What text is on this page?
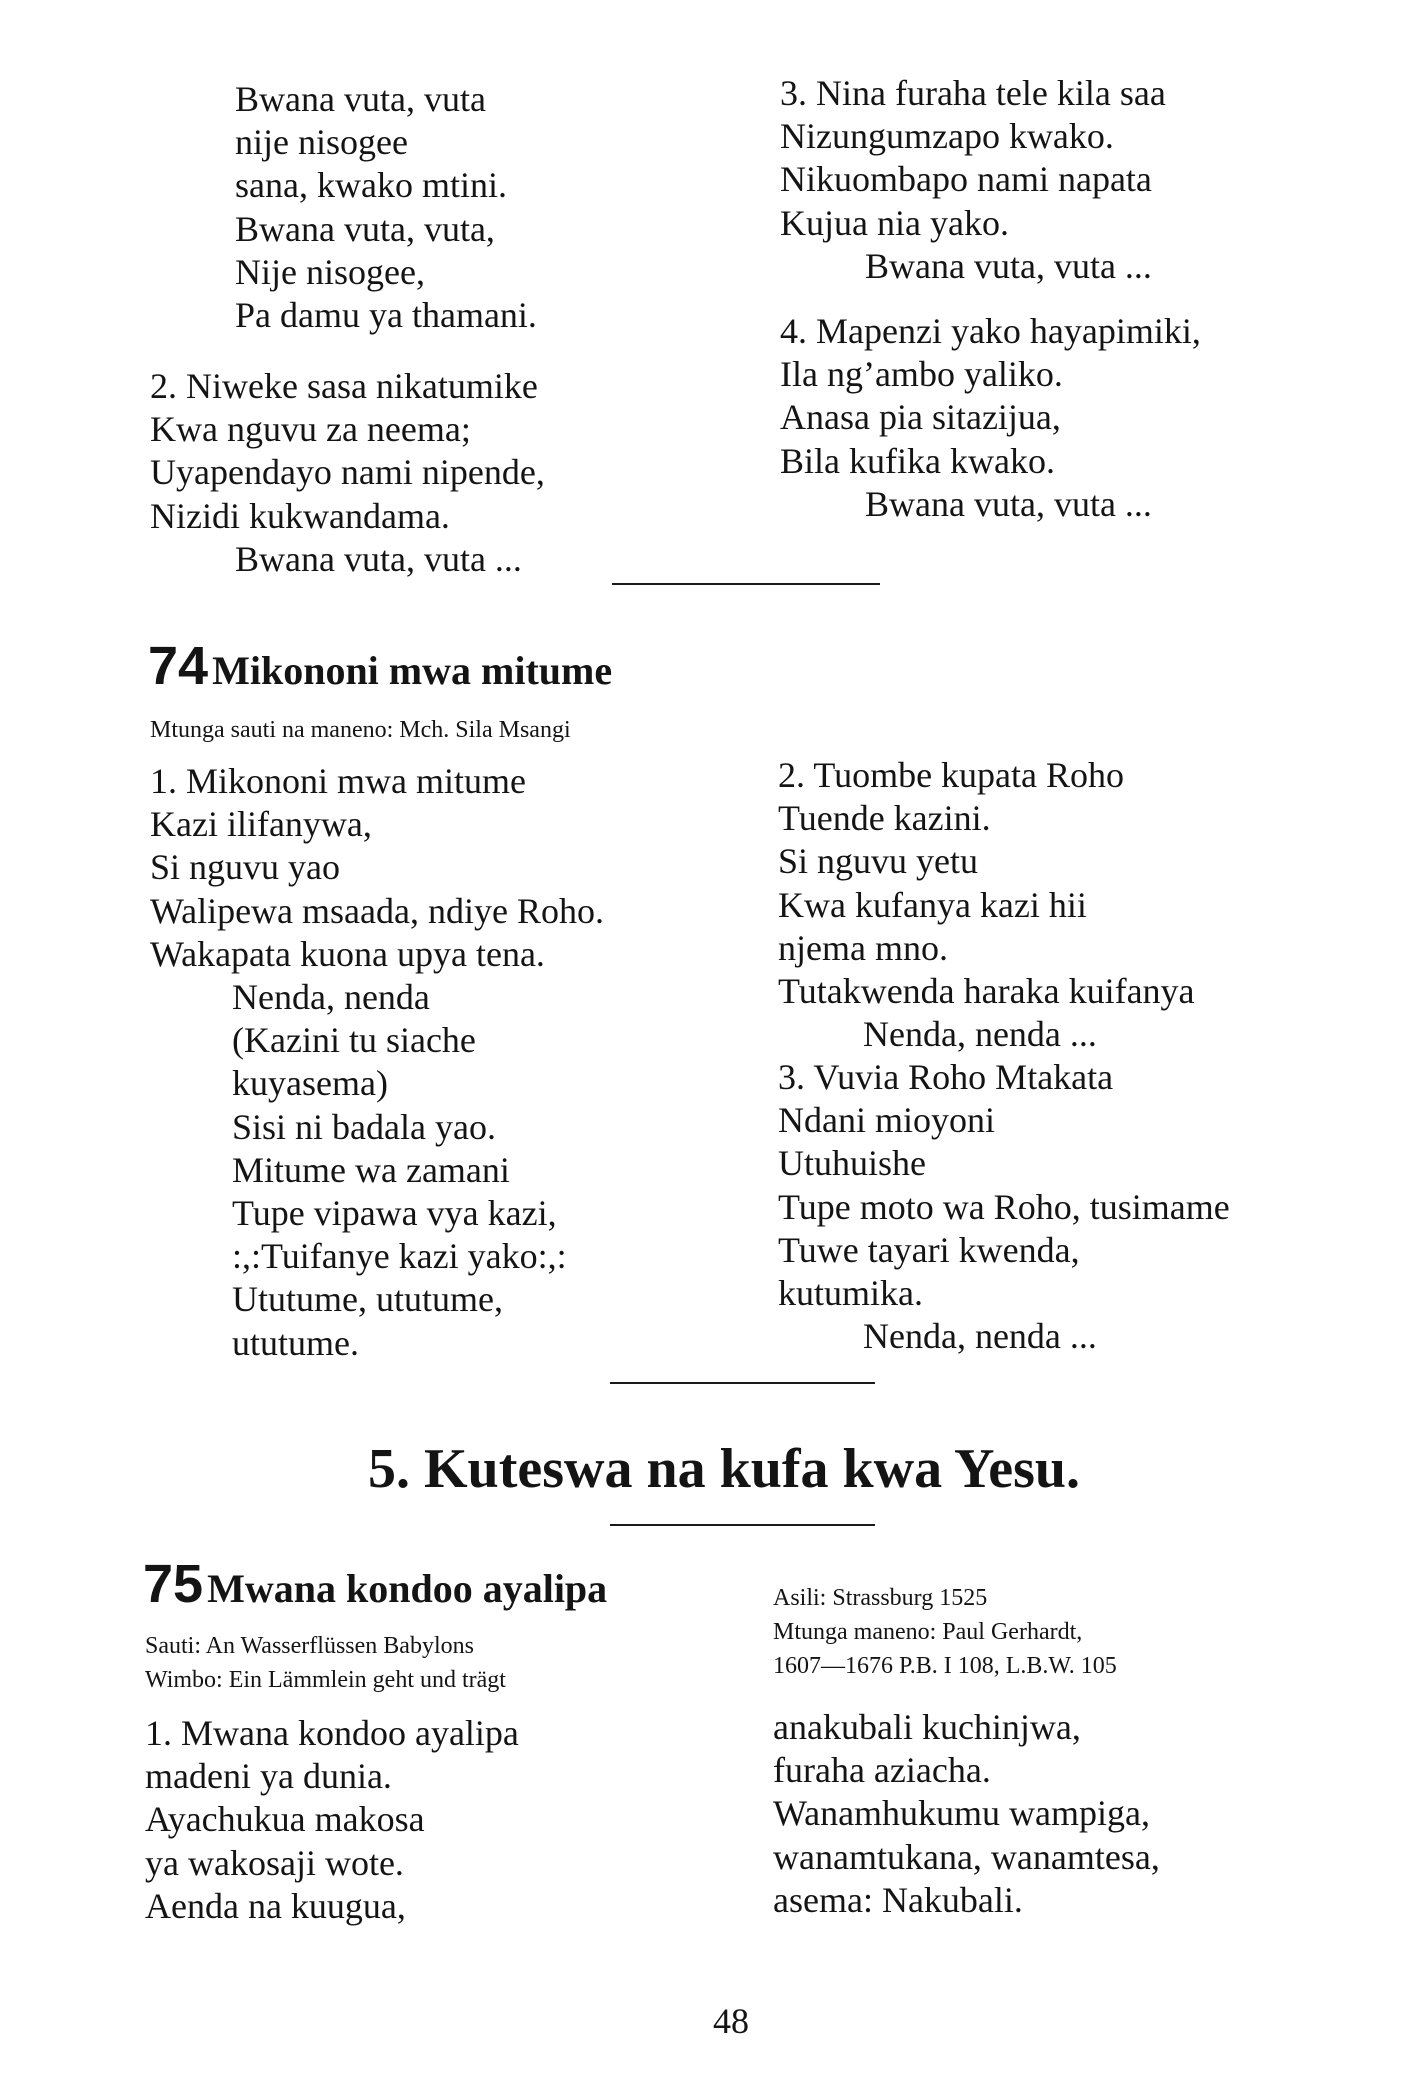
Bwana vuta, vuta
nije nisogee
sana, kwako mtini.
Bwana vuta, vuta,
Nije nisogee,
Pa damu ya thamani.
2. Niweke sasa nikatumike
Kwa nguvu za neema;
Uyapendayo nami nipende,
Nizidi kukwandama.
Bwana vuta, vuta ...
3. Nina furaha tele kila saa
Nizungumzapo kwako.
Nikuombapo nami napata
Kujua nia yako.
Bwana vuta, vuta ...
4. Mapenzi yako hayapimiki,
Ila ng’ambo yaliko.
Anasa pia sitazijua,
Bila kufika kwako.
Bwana vuta, vuta ...
74 Mikononi mwa mitume
Mtunga sauti na maneno: Mch. Sila Msangi
1. Mikononi mwa mitume
Kazi ilifanywa,
Si nguvu yao
Walipewa msaada, ndiye Roho.
Wakapata kuona upya tena.
Nenda, nenda
(Kazini tu siache
kuyasema)
Sisi ni badala yao.
Mitume wa zamani
Tupe vipawa vya kazi,
:,:Tuifanye kazi yako:,:
Ututume, ututume,
ututume.
2. Tuombe kupata Roho
Tuende kazini.
Si nguvu yetu
Kwa kufanya kazi hii
njema mno.
Tutakwenda haraka kuifanya
Nenda, nenda ...
3. Vuvia Roho Mtakata
Ndani mioyoni
Utuhuishe
Tupe moto wa Roho, tusimame
Tuwe tayari kwenda,
kutumika.
Nenda, nenda ...
5. Kuteswa na kufa kwa Yesu.
75 Mwana kondoo ayalipa
Sauti: An Wasserflüssen Babylons
Wimbo: Ein Lämmlein geht und trägt
Asili: Strassburg 1525
Mtunga maneno: Paul Gerhardt,
1607—1676 P.B. I 108, L.B.W. 105
1. Mwana kondoo ayalipa
madeni ya dunia.
Ayachukua makosa
ya wakosaji wote.
Aenda na kuugua,
anakubali kuchinjwa,
furaha aziacha.
Wanamhukumu wampiga,
wanamtukana, wanamtesa,
asema: Nakubali.
48
